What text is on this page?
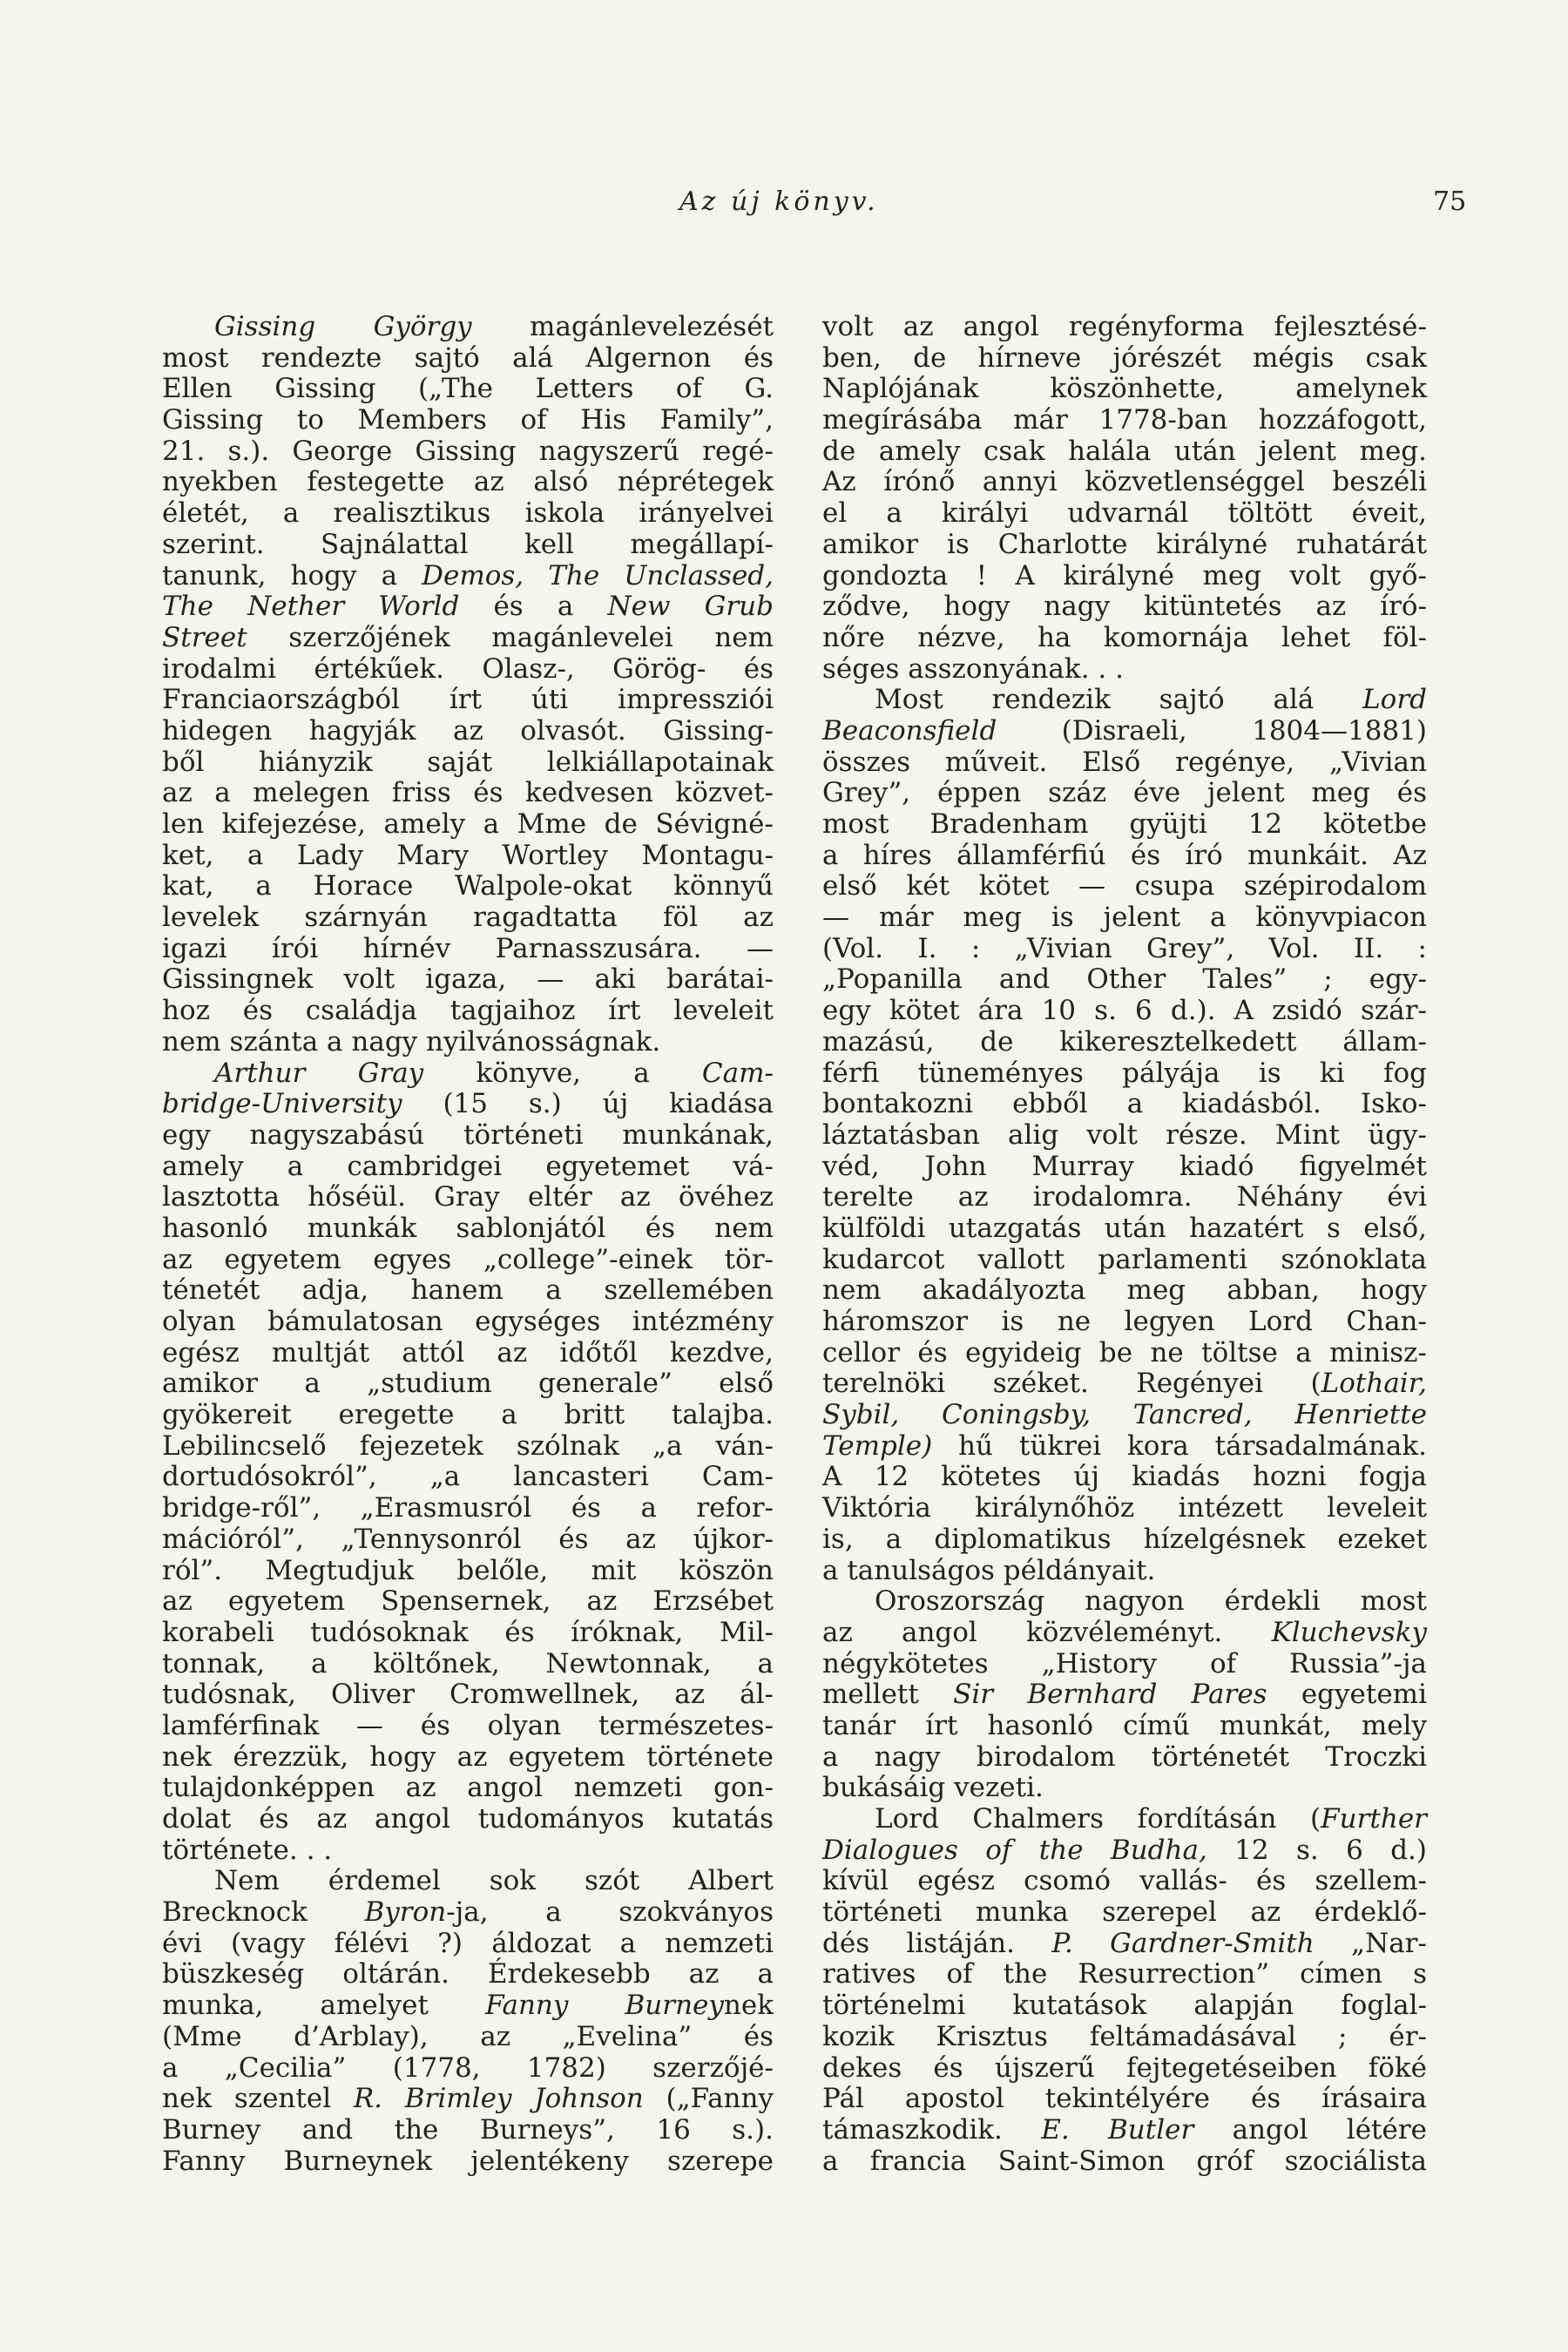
Az új könyv.	75
Gissing György magánlevelezését
most rendezte sajtó alá Algernon és
Ellen Gissing („The Letters of G.
Gissing to Members of His Family”,
21. s.). George Gissing nagyszerű regé-
nyekben festegette az alsó néprétegek
életét, a realisztikus iskola irányelvei
szerint. Sajnálattal kell megállapí-
tanunk, hogy a Demos, The Unclassed,
The Nether World és a New Grub
Street szerzőjének magánlevelei nem
irodalmi értékűek. Olasz-, Görög- és
Franciaországból írt úti impressziói
hidegen hagyják az olvasót. Gissing-
ből hiányzik saját lelkiállapotainak
az a melegen friss és kedvesen közvet-
len kifejezése, amely a Mme de Sévigné-
ket, a Lady Mary Wortley Montagu-
kat, a Horace Walpole-okat könnyű
levelek szárnyán ragadtatta föl az
igazi írói hírnév Parnasszusára. —
Gissingnek volt igaza, — aki barátai-
hoz és családja tagjaihoz írt leveleit
nem szánta a nagy nyilvánosságnak.
Arthur Gray könyve, a Cam-
bridge-University (15 s.) új kiadása
egy nagyszabású történeti munkának,
amely a cambridgei egyetemet vá-
lasztotta hőséül. Gray eltér az övéhez
hasonló munkák sablonjától és nem
az egyetem egyes „college”-einek tör-
ténetét adja, hanem a szellemében
olyan bámulatosan egységes intézmény
egész multját attól az időtől kezdve,
amikor a „studium generale” első
gyökereit eregette a britt talajba.
Lebilincselő fejezetek szólnak „a ván-
dortudósokról”, „a lancasteri Cam-
bridge-ről”, „Erasmusról és a refor-
mációról”, „Tennysonról és az újkor-
ról”. Megtudjuk belőle, mit köszön
az egyetem Spensernek, az Erzsébet
korabeli tudósoknak és íróknak, Mil-
tonnak, a költőnek, Newtonnak, a
tudósnak, Oliver Cromwellnek, az ál-
lamférfinak — és olyan természetes-
nek érezzük, hogy az egyetem története
tulajdonképpen az angol nemzeti gon-
dolat és az angol tudományos kutatás
története. . .
Nem érdemel sok szót Albert
Brecknock Byron-ja, a szokványos
évi (vagy félévi ?) áldozat a nemzeti
büszkeség oltárán. Érdekesebb az a
munka, amelyet Fanny Burneynek
(Mme d’Arblay), az „Evelina” és
a „Cecilia” (1778, 1782) szerzőjé-
nek szentel R. Brimley Johnson („Fanny
Burney and the Burneys”, 16 s.).
Fanny Burneynek jelentékeny szerepe
volt az angol regényforma fejlesztésé-
ben, de hírneve jórészét mégis csak
Naplójának köszönhette, amelynek
megírásába már 1778-ban hozzáfogott,
de amely csak halála után jelent meg.
Az írónő annyi közvetlenséggel beszéli
el a királyi udvarnál töltött éveit,
amikor is Charlotte királyné ruhatárát
gondozta ! A királyné meg volt győ-
ződve, hogy nagy kitüntetés az író-
nőre nézve, ha komornája lehet föl-
séges asszonyának. . .
Most rendezik sajtó alá Lord
Beaconsfield (Disraeli, 1804—1881)
összes műveit. Első regénye, „Vivian
Grey”, éppen száz éve jelent meg és
most Bradenham gyüjti 12 kötetbe
a híres államférfiú és író munkáit. Az
első két kötet — csupa szépirodalom
— már meg is jelent a könyvpiacon
(Vol. I. : „Vivian Grey”, Vol. II. :
„Popanilla and Other Tales” ; egy-
egy kötet ára 10 s. 6 d.). A zsidó szár-
mazású, de kikeresztelkedett állam-
férfi tüneményes pályája is ki fog
bontakozni ebből a kiadásból. Isko-
láztatásban alig volt része. Mint ügy-
véd, John Murray kiadó figyelmét
terelte az irodalomra. Néhány évi
külföldi utazgatás után hazatért s első,
kudarcot vallott parlamenti szónoklata
nem akadályozta meg abban, hogy
háromszor is ne legyen Lord Chan-
cellor és egyideig be ne töltse a minisz-
terelnöki széket. Regényei (Lothair,
Sybil, Coningsby, Tancred, Henriette
Temple) hű tükrei kora társadalmának.
A 12 kötetes új kiadás hozni fogja
Viktória királynőhöz intézett leveleit
is, a diplomatikus hízelgésnek ezeket
a tanulságos példányait.
Oroszország nagyon érdekli most
az angol közvéleményt. Kluchevsky
négykötetes „History of Russia”-ja
mellett Sir Bernhard Pares egyetemi
tanár írt hasonló című munkát, mely
a nagy birodalom történetét Troczki
bukásáig vezeti.
Lord Chalmers fordításán (Further
Dialogues of the Budha, 12 s. 6 d.)
kívül egész csomó vallás- és szellem-
történeti munka szerepel az érdeklő-
dés listáján. P. Gardner-Smith „Nar-
ratives of the Resurrection” címen s
történelmi kutatások alapján foglal-
kozik Krisztus feltámadásával ; ér-
dekes és újszerű fejtegetéseiben föké
Pál apostol tekintélyére és írásaira
támaszkodik. E. Butler angol létére
a francia Saint-Simon gróf szociálista
